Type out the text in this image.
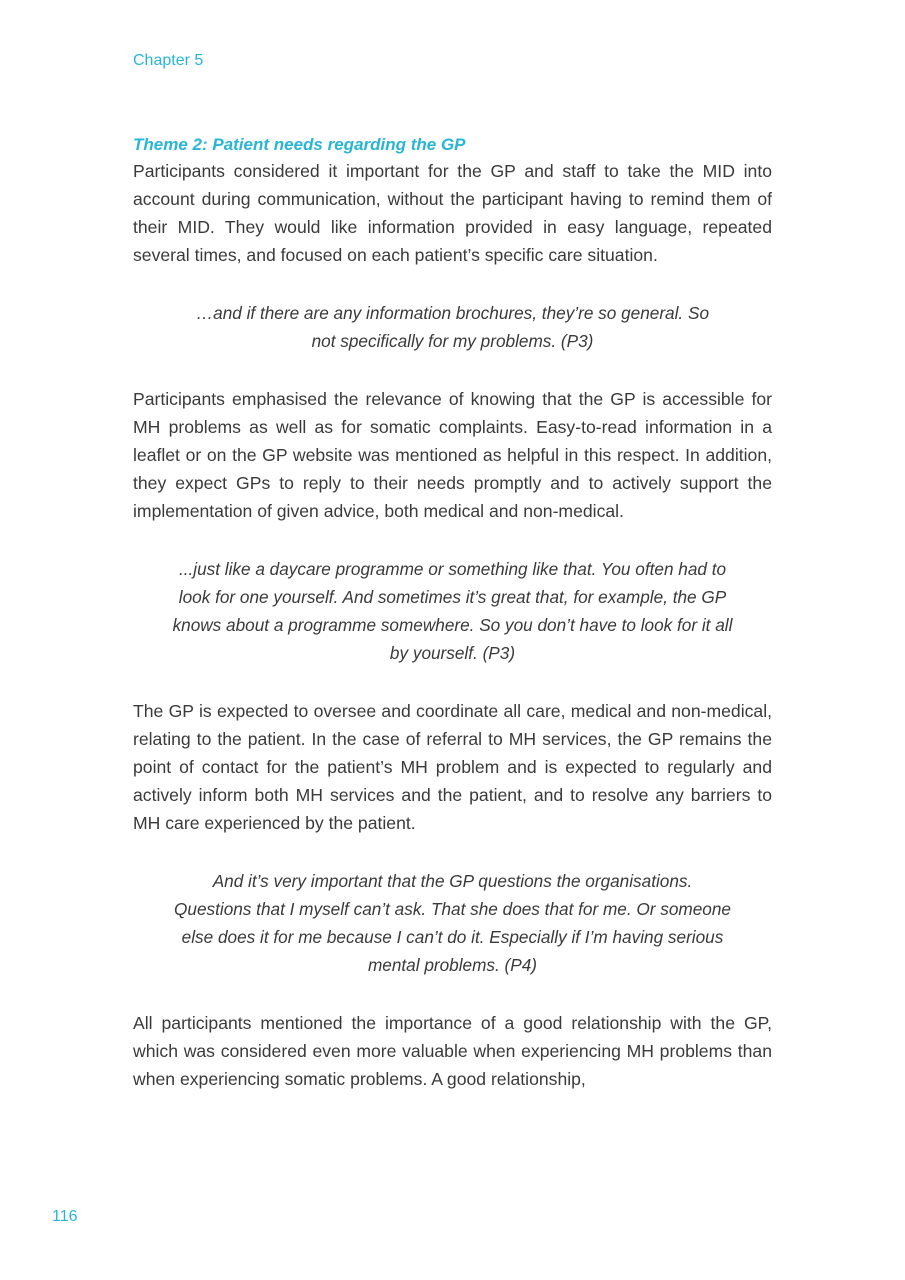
Chapter 5

Theme 2: Patient needs regarding the GP

Participants considered it important for the GP and staff to take the MID into account during communication, without the participant having to remind them of their MID. They would like information provided in easy language, repeated several times, and focused on each patient’s specific care situation.

…and if there are any information brochures, they’re so general. So not specifically for my problems. (P3)

Participants emphasised the relevance of knowing that the GP is accessible for MH problems as well as for somatic complaints. Easy-to-read information in a leaflet or on the GP website was mentioned as helpful in this respect. In addition, they expect GPs to reply to their needs promptly and to actively support the implementation of given advice, both medical and non-medical.

...just like a daycare programme or something like that. You often had to look for one yourself. And sometimes it’s great that, for example, the GP knows about a programme somewhere. So you don’t have to look for it all by yourself. (P3)

The GP is expected to oversee and coordinate all care, medical and non-medical, relating to the patient. In the case of referral to MH services, the GP remains the point of contact for the patient’s MH problem and is expected to regularly and actively inform both MH services and the patient, and to resolve any barriers to MH care experienced by the patient.

And it’s very important that the GP questions the organisations. Questions that I myself can’t ask. That she does that for me. Or someone else does it for me because I can’t do it. Especially if I’m having serious mental problems. (P4)

All participants mentioned the importance of a good relationship with the GP, which was considered even more valuable when experiencing MH problems than when experiencing somatic problems. A good relationship,

116
